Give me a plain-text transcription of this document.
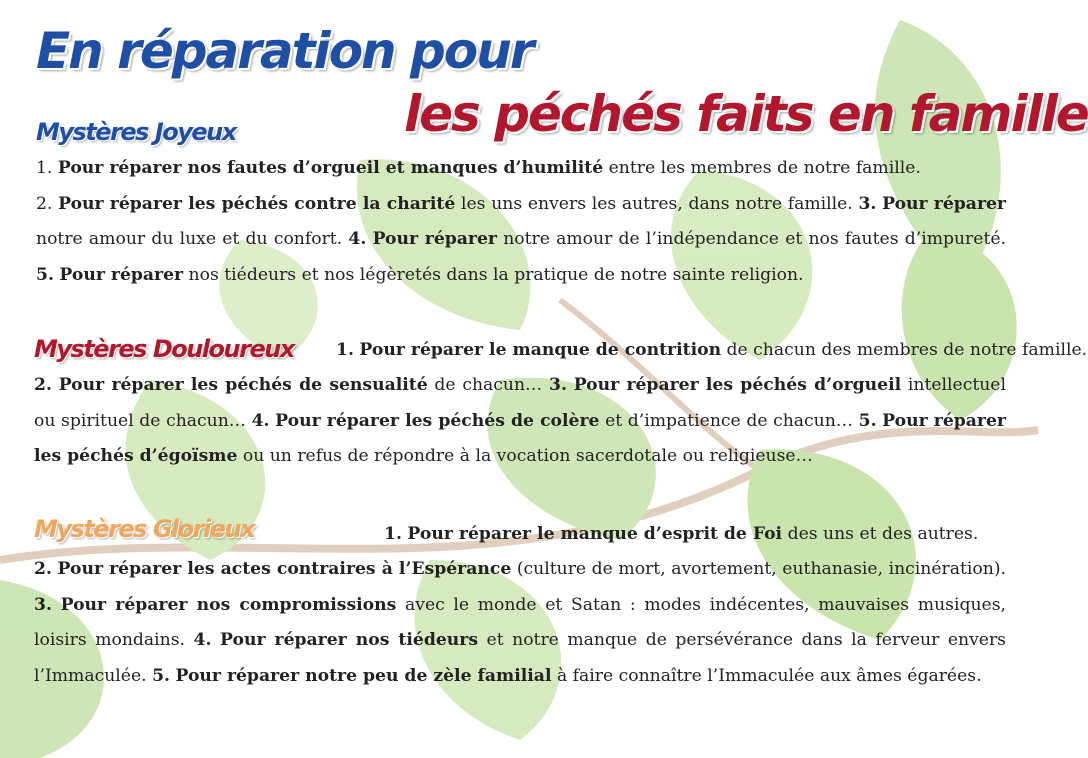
En réparation pour
les péchés faits en famille
Mystères Joyeux

1. Pour réparer nos fautes d’orgueil et manques d’humilité entre les membres de notre famille.
2. Pour réparer les péchés contre la charité les uns envers les autres, dans notre famille. 3. Pour réparer notre amour du luxe et du confort. 4. Pour réparer notre amour de l’indépendance et nos fautes d’impureté. 5. Pour réparer nos tiédeurs et nos légèretés dans la pratique de notre sainte religion.

Mystères Douloureux 1. Pour réparer le manque de contrition de chacun des membres de notre famille.

2. Pour réparer les péchés de sensualité de chacun… 3. Pour réparer les péchés d’orgueil intellectuel ou spirituel de chacun… 4. Pour réparer les péchés de colère et d’impatience de chacun… 5. Pour réparer les péchés d’égoïsme ou un refus de répondre à la vocation sacerdotale ou religieuse…

Mystères Glorieux	1. Pour réparer le manque d’esprit de Foi des uns et des autres.

2. Pour réparer les actes contraires à l’Espérance (culture de mort, avortement, euthanasie, incinération). 3. Pour réparer nos compromissions avec le monde et Satan : modes indécentes, mauvaises musiques, loisirs mondains. 4. Pour réparer nos tiédeurs et notre manque de persévérance dans la ferveur envers l’Immaculée. 5. Pour réparer notre peu de zèle familial à faire connaître l’Immaculée aux âmes égarées.
